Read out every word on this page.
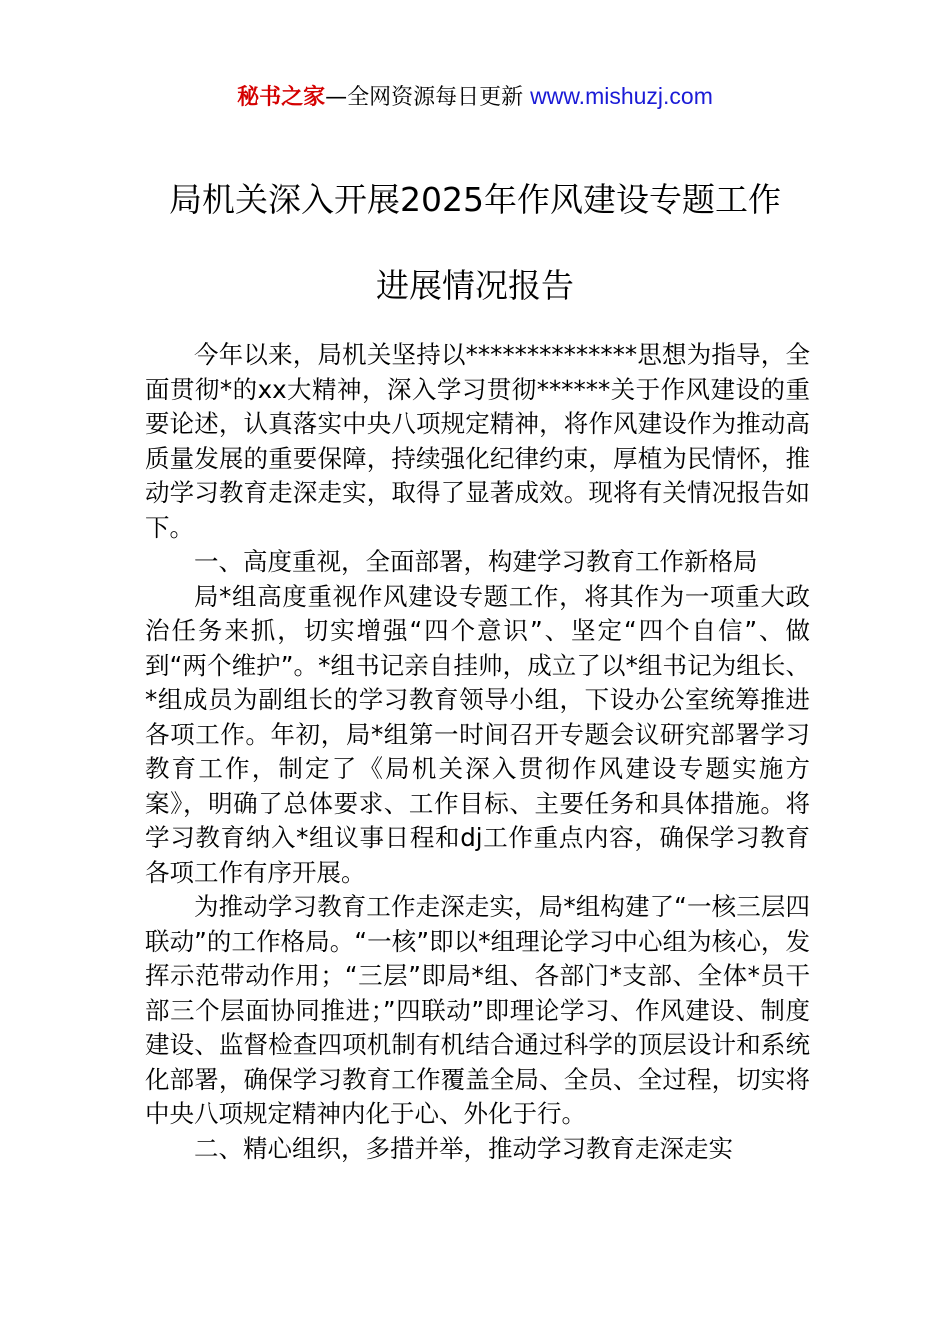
秘书之家—全网资源每日更新 www.mishuzj.com
局机关深入开展2025年作风建设专题工作
进展情况报告

今年以来，局机关坚持以**************思想为指导，全面贯彻*的xx大精神，深入学习贯彻******关于作风建设的重要论述，认真落实中央八项规定精神，将作风建设作为推动高质量发展的重要保障，持续强化纪律约束，厚植为民情怀，推动学习教育走深走实，取得了显著成效。现将有关情况报告如下。

一、高度重视，全面部署，构建学习教育工作新格局

局*组高度重视作风建设专题工作，将其作为一项重大政治任务来抓，切实增强“四个意识”、坚定“四个自信”、做到“两个维护”。*组书记亲自挂帅，成立了以*组书记为组长、*组成员为副组长的学习教育领导小组，下设办公室统筹推进各项工作。年初，局*组第一时间召开专题会议研究部署学习教育工作，制定了《局机关深入贯彻作风建设专题实施方案》，明确了总体要求、工作目标、主要任务和具体措施。将学习教育纳入*组议事日程和dj工作重点内容，确保学习教育各项工作有序开展。

为推动学习教育工作走深走实，局*组构建了“一核三层四联动”的工作格局。“一核”即以*组理论学习中心组为核心，发挥示范带动作用；“三层”即局*组、各部门*支部、全体*员干部三个层面协同推进；”四联动”即理论学习、作风建设、制度建设、监督检查四项机制有机结合通过科学的顶层设计和系统化部署，确保学习教育工作覆盖全局、全员、全过程，切实将中央八项规定精神内化于心、外化于行。

二、精心组织，多措并举，推动学习教育走深走实
